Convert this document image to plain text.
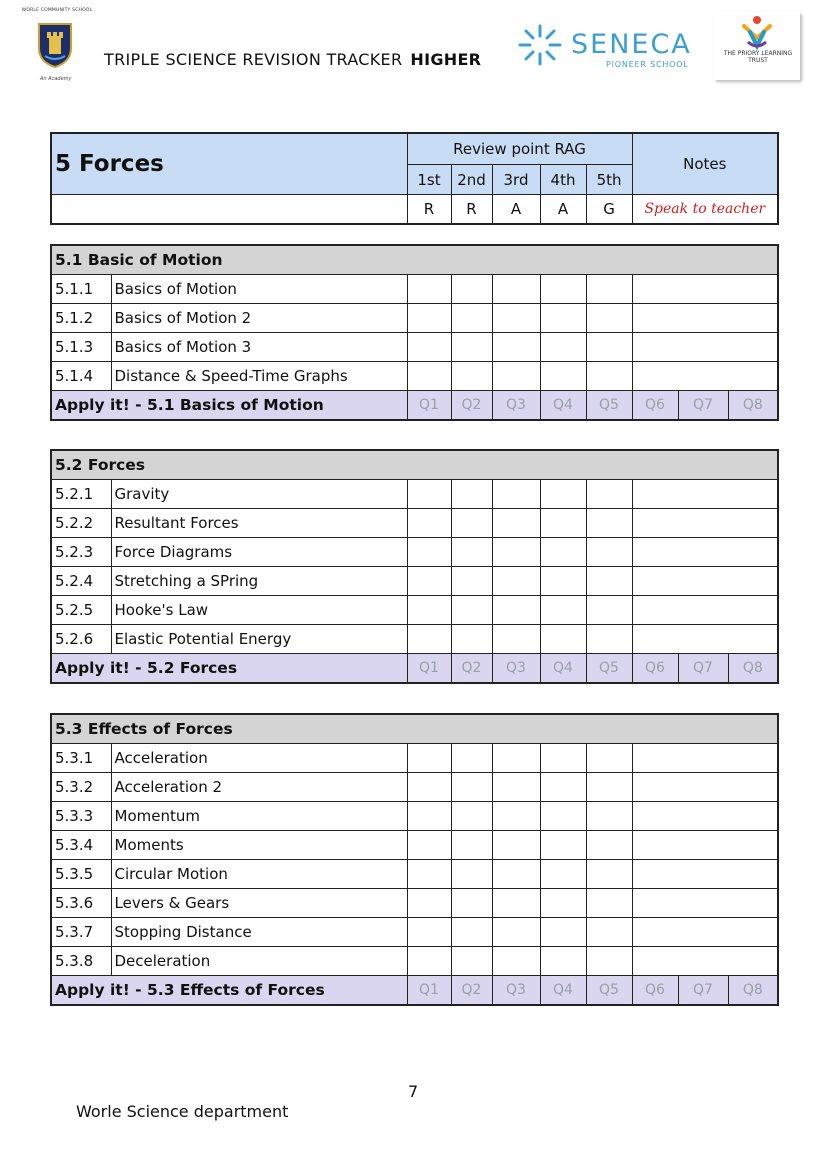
WORLE COMMUNITY SCHOOL
An Academy
TRIPLE SCIENCE REVISION TRACKER HIGHER	SENECA
PIONEER SCHOOL
THE PRIORY LEARNING TRUST
5 Forces	Review point RAG					Notes
	1st	2nd	3rd	4th	5th	
	R	R	A	A	G	Speak to teacher
5.1 Basic of Motion									
5.1.1	Basics of Motion								
5.1.2	Basics of Motion 2								
5.1.3	Basics of Motion 3								
5.1.4	Distance & Speed-Time Graphs								
Apply it! - 5.1 Basics of Motion		Q1	Q2	Q3	Q4	Q5	Q6	Q7	Q8
5.2 Forces									
5.2.1	Gravity								
5.2.2	Resultant Forces								
5.2.3	Force Diagrams								
5.2.4	Stretching a SPring								
5.2.5	Hooke's Law								
5.2.6	Elastic Potential Energy								
Apply it! - 5.2 Forces		Q1	Q2	Q3	Q4	Q5	Q6	Q7	Q8
5.3 Effects of Forces									
5.3.1	Acceleration								
5.3.2	Acceleration 2								
5.3.3	Momentum								
5.3.4	Moments								
5.3.5	Circular Motion								
5.3.6	Levers & Gears								
5.3.7	Stopping Distance								
5.3.8	Deceleration								
Apply it! - 5.3 Effects of Forces		Q1	Q2	Q3	Q4	Q5	Q6	Q7	Q8
7
Worle Science department
